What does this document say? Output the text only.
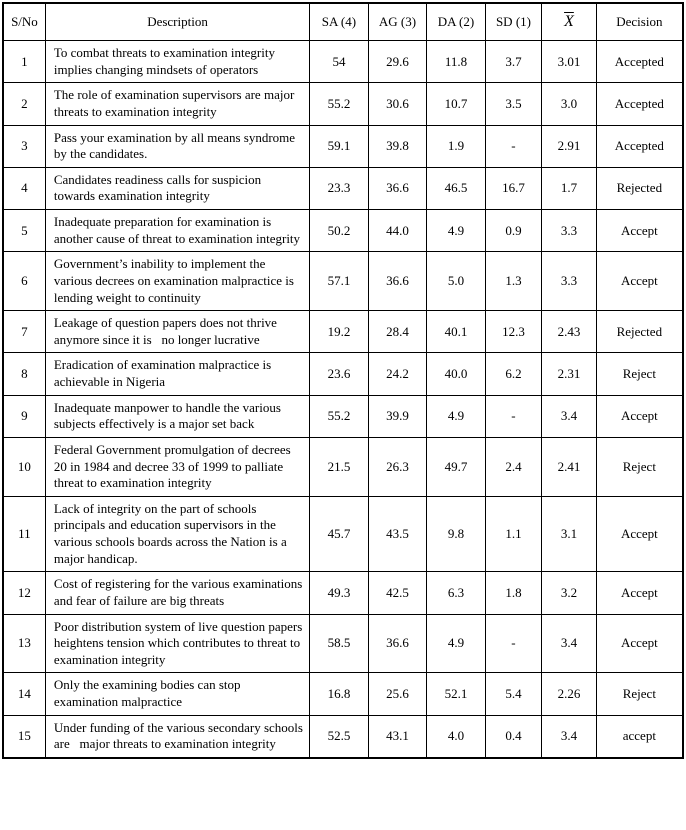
S/No	Description	SA (4)	AG (3)	DA (2)	SD (1)	$\overline{X}$	Decision
1	To combat threats to examination integrity implies changing mindsets of operators	54	29.6	11.8	3.7	3.01	Accepted
2	The role of examination supervisors are major threats to examination integrity	55.2	30.6	10.7	3.5	3.0	Accepted
3	Pass your examination by all means syndrome by the candidates.	59.1	39.8	1.9	-	2.91	Accepted
4	Candidates readiness calls for suspicion towards examination integrity	23.3	36.6	46.5	16.7	1.7	Rejected
5	Inadequate preparation for examination is another cause of threat to examination integrity	50.2	44.0	4.9	0.9	3.3	Accept
6	Government’s inability to implement the various decrees on examination malpractice is lending weight to continuity	57.1	36.6	5.0	1.3	3.3	Accept
7	Leakage of question papers does not thrive anymore since it is   no longer lucrative	19.2	28.4	40.1	12.3	2.43	Rejected
8	Eradication of examination malpractice is achievable in Nigeria	23.6	24.2	40.0	6.2	2.31	Reject
9	Inadequate manpower to handle the various subjects effectively is a major set back	55.2	39.9	4.9	-	3.4	Accept
10	Federal Government promulgation of decrees 20 in 1984 and decree 33 of 1999 to palliate threat to examination integrity	21.5	26.3	49.7	2.4	2.41	Reject
11	Lack of integrity on the part of schools principals and education supervisors in the various schools boards across the Nation is a major handicap.	45.7	43.5	9.8	1.1	3.1	Accept
12	Cost of registering for the various examinations and fear of failure are big threats	49.3	42.5	6.3	1.8	3.2	Accept
13	Poor distribution system of live question papers heightens tension which contributes to threat to examination integrity	58.5	36.6	4.9	-	3.4	Accept
14	Only the examining bodies can stop examination malpractice	16.8	25.6	52.1	5.4	2.26	Reject
15	Under funding of the various secondary schools are   major threats to examination integrity	52.5	43.1	4.0	0.4	3.4	accept
